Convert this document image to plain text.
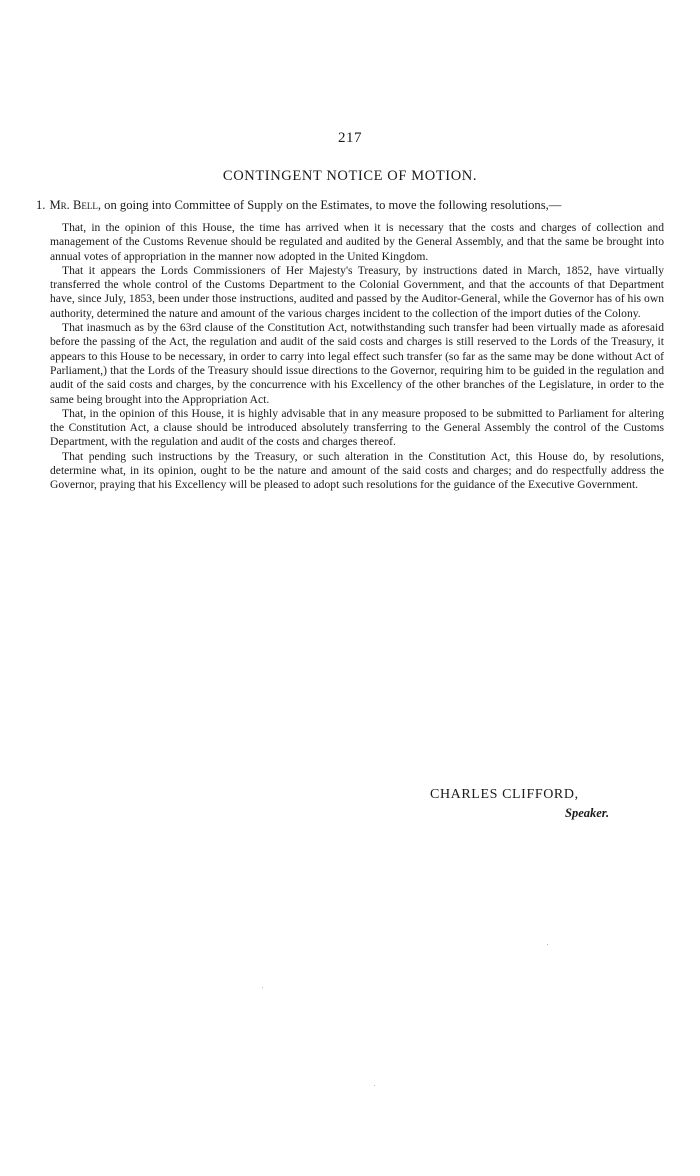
217
CONTINGENT NOTICE OF MOTION.

1. Mr. Bell, on going into Committee of Supply on the Estimates, to move the following resolutions,—

That, in the opinion of this House, the time has arrived when it is necessary that the costs and charges of collection and management of the Customs Revenue should be regulated and audited by the General Assembly, and that the same be brought into annual votes of appropriation in the manner now adopted in the United Kingdom.

That it appears the Lords Commissioners of Her Majesty's Treasury, by instructions dated in March, 1852, have virtually transferred the whole control of the Customs Department to the Colonial Government, and that the accounts of that Department have, since July, 1853, been under those instructions, audited and passed by the Auditor-General, while the Governor has of his own authority, determined the nature and amount of the various charges incident to the collection of the import duties of the Colony.

That inasmuch as by the 63rd clause of the Constitution Act, notwithstanding such transfer had been virtually made as aforesaid before the passing of the Act, the regulation and audit of the said costs and charges is still reserved to the Lords of the Treasury, it appears to this House to be necessary, in order to carry into legal effect such transfer (so far as the same may be done without Act of Parliament,) that the Lords of the Treasury should issue directions to the Governor, requiring him to be guided in the regulation and audit of the said costs and charges, by the concurrence with his Excellency of the other branches of the Legislature, in order to the same being brought into the Appropriation Act.

That, in the opinion of this House, it is highly advisable that in any measure proposed to be submitted to Parliament for altering the Constitution Act, a clause should be introduced absolutely transferring to the General Assembly the control of the Customs Department, with the regulation and audit of the costs and charges thereof.

That pending such instructions by the Treasury, or such alteration in the Constitution Act, this House do, by resolutions, determine what, in its opinion, ought to be the nature and amount of the said costs and charges; and do respectfully address the Governor, praying that his Excellency will be pleased to adopt such resolutions for the guidance of the Executive Government.

CHARLES CLIFFORD,
Speaker.
